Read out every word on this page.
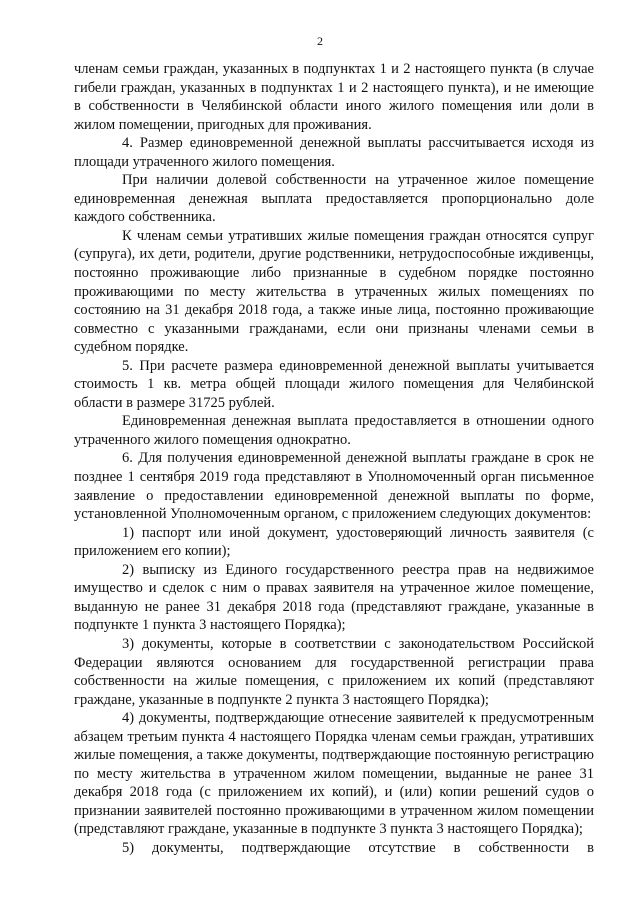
2

членам семьи граждан, указанных в подпунктах 1 и 2 настоящего пункта (в случае гибели граждан, указанных в подпунктах 1 и 2 настоящего пункта), и не имеющие в собственности в Челябинской области иного жилого помещения или доли в жилом помещении, пригодных для проживания.

4. Размер единовременной денежной выплаты рассчитывается исходя из площади утраченного жилого помещения.

При наличии долевой собственности на утраченное жилое помещение единовременная денежная выплата предоставляется пропорционально доле каждого собственника.

К членам семьи утративших жилые помещения граждан относятся супруг (супруга), их дети, родители, другие родственники, нетрудоспособные иждивенцы, постоянно проживающие либо признанные в судебном порядке постоянно проживающими по месту жительства в утраченных жилых помещениях по состоянию на 31 декабря 2018 года, а также иные лица, постоянно проживающие совместно с указанными гражданами, если они признаны членами семьи в судебном порядке.

5. При расчете размера единовременной денежной выплаты учитывается стоимость 1 кв. метра общей площади жилого помещения для Челябинской области в размере 31725 рублей.

Единовременная денежная выплата предоставляется в отношении одного утраченного жилого помещения однократно.

6. Для получения единовременной денежной выплаты граждане в срок не позднее 1 сентября 2019 года представляют в Уполномоченный орган письменное заявление о предоставлении единовременной денежной выплаты по форме, установленной Уполномоченным органом, с приложением следующих документов:

1) паспорт или иной документ, удостоверяющий личность заявителя (с приложением его копии);

2) выписку из Единого государственного реестра прав на недвижимое имущество и сделок с ним о правах заявителя на утраченное жилое помещение, выданную не ранее 31 декабря 2018 года (представляют граждане, указанные в подпункте 1 пункта 3 настоящего Порядка);

3) документы, которые в соответствии с законодательством Российской Федерации являются основанием для государственной регистрации права собственности на жилые помещения, с приложением их копий (представляют граждане, указанные в подпункте 2 пункта 3 настоящего Порядка);

4) документы, подтверждающие отнесение заявителей к предусмотренным абзацем третьим пункта 4 настоящего Порядка членам семьи граждан, утративших жилые помещения, а также документы, подтверждающие постоянную регистрацию по месту жительства в утраченном жилом помещении, выданные не ранее 31 декабря 2018 года (с приложением их копий), и (или) копии решений судов о признании заявителей постоянно проживающими в утраченном жилом помещении (представляют граждане, указанные в подпункте 3 пункта 3 настоящего Порядка);

5) документы, подтверждающие отсутствие в собственности в
